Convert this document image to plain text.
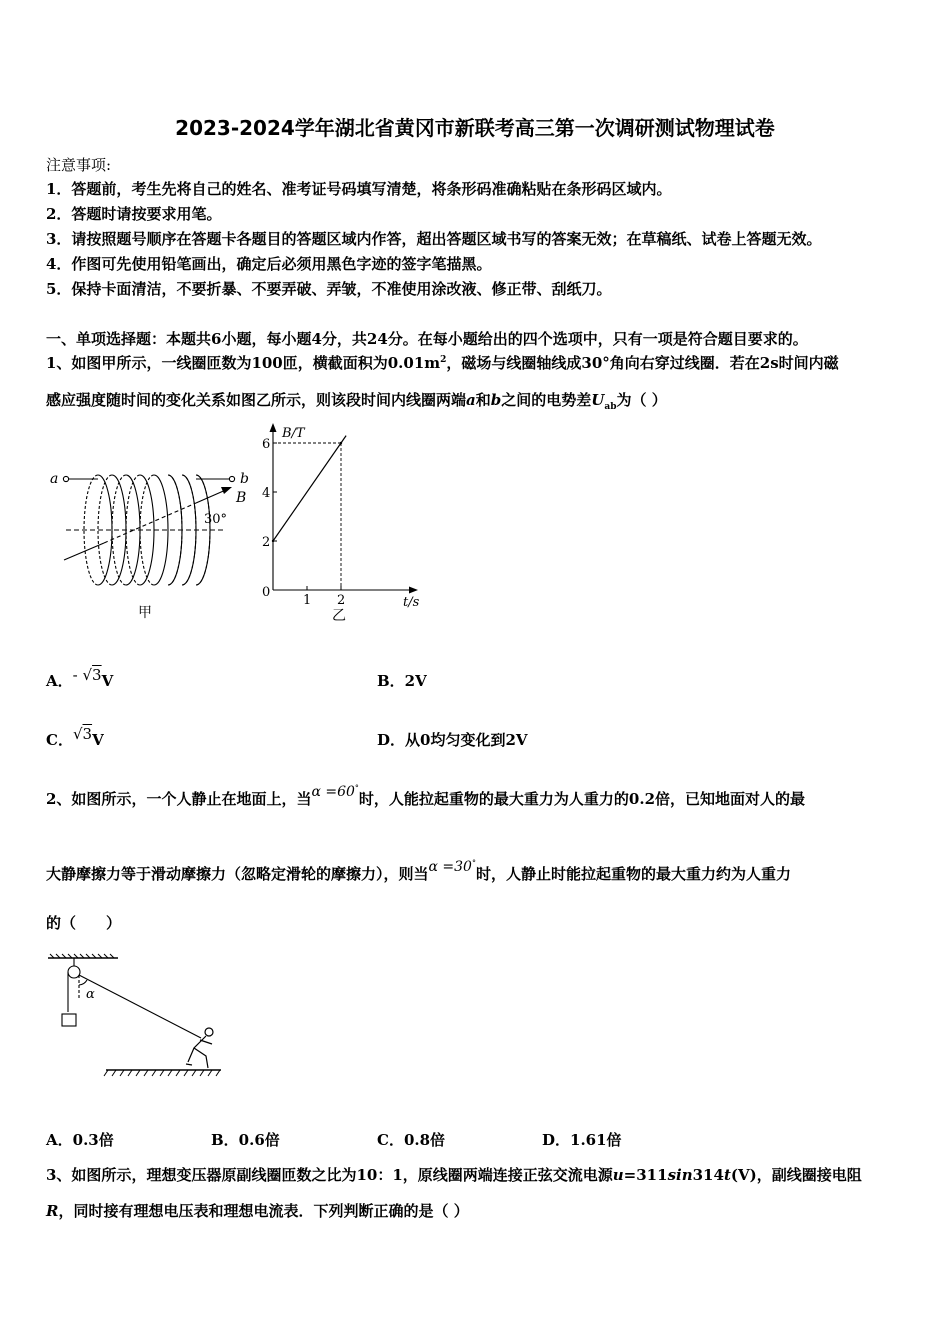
2023-2024学年湖北省黄冈市新联考高三第一次调研测试物理试卷
注意事项:
1．答题前，考生先将自己的姓名、准考证号码填写清楚，将条形码准确粘贴在条形码区域内。
2．答题时请按要求用笔。
3．请按照题号顺序在答题卡各题目的答题区域内作答，超出答题区域书写的答案无效；在草稿纸、试卷上答题无效。
4．作图可先使用铅笔画出，确定后必须用黑色字迹的签字笔描黑。
5．保持卡面清洁，不要折暴、不要弄破、弄皱，不准使用涂改液、修正带、刮纸刀。
一、单项选择题：本题共6小题，每小题4分，共24分。在每小题给出的四个选项中，只有一项是符合题目要求的。
1、如图甲所示，一线圈匝数为100匝，横截面积为$0.01m^2$，磁场与线圈轴线成30°角向右穿过线圈．若在2s时间内磁
感应强度随时间的变化关系如图乙所示，则该段时间内线圈两端a和b之间的电势差$U_{ab}$为（ ）
a	b
B
30°
甲
B/T
t/s
0
2
4
6
1 2
乙
A．- √3V	B．2V
C．√3V	D．从0均匀变化到2V
2、如图所示，一个人静止在地面上，当α =60°时，人能拉起重物的最大重力为人重力的0.2倍，已知地面对人的最
大静摩擦力等于滑动摩擦力（忽略定滑轮的摩擦力），则当α =30°时，人静止时能拉起重物的最大重力约为人重力
的（　　）
α
A．0.3倍	B．0.6倍	C．0.8倍	D．1.61倍
3、如图所示，理想变压器原副线圈匝数之比为10：1，原线圈两端连接正弦交流电源u=311sin314t(V)，副线圈接电阻
R，同时接有理想电压表和理想电流表．下列判断正确的是（ ）
